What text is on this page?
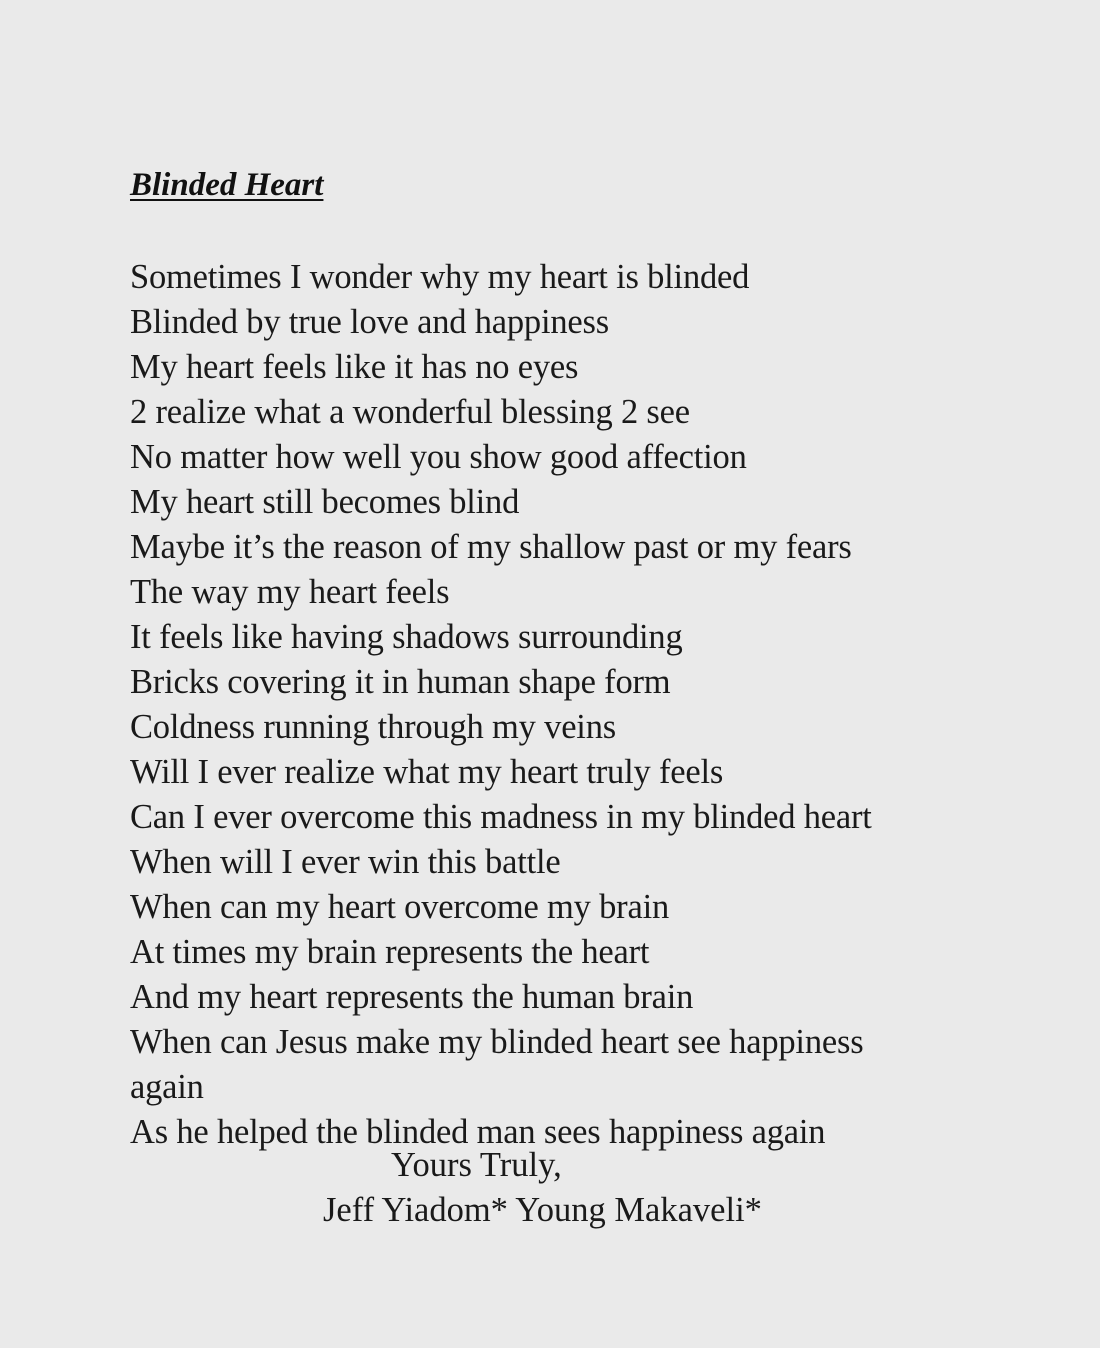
Blinded Heart
Sometimes I wonder why my heart is blinded
Blinded by true love and happiness
My heart feels like it has no eyes
2 realize what a wonderful blessing 2 see
No matter how well you show good affection
My heart still becomes blind
Maybe it’s the reason of my shallow past or my fears
The way my heart feels
It feels like having shadows surrounding
Bricks covering it in human shape form
Coldness running through my veins
Will I ever realize what my heart truly feels
Can I ever overcome this madness in my blinded heart
When will I ever win this battle
When can my heart overcome my brain
At times my brain represents the heart
And my heart represents the human brain
When can Jesus make my blinded heart see happiness
again
As he helped the blinded man sees happiness again
Yours Truly,
Jeff Yiadom* Young Makaveli*
